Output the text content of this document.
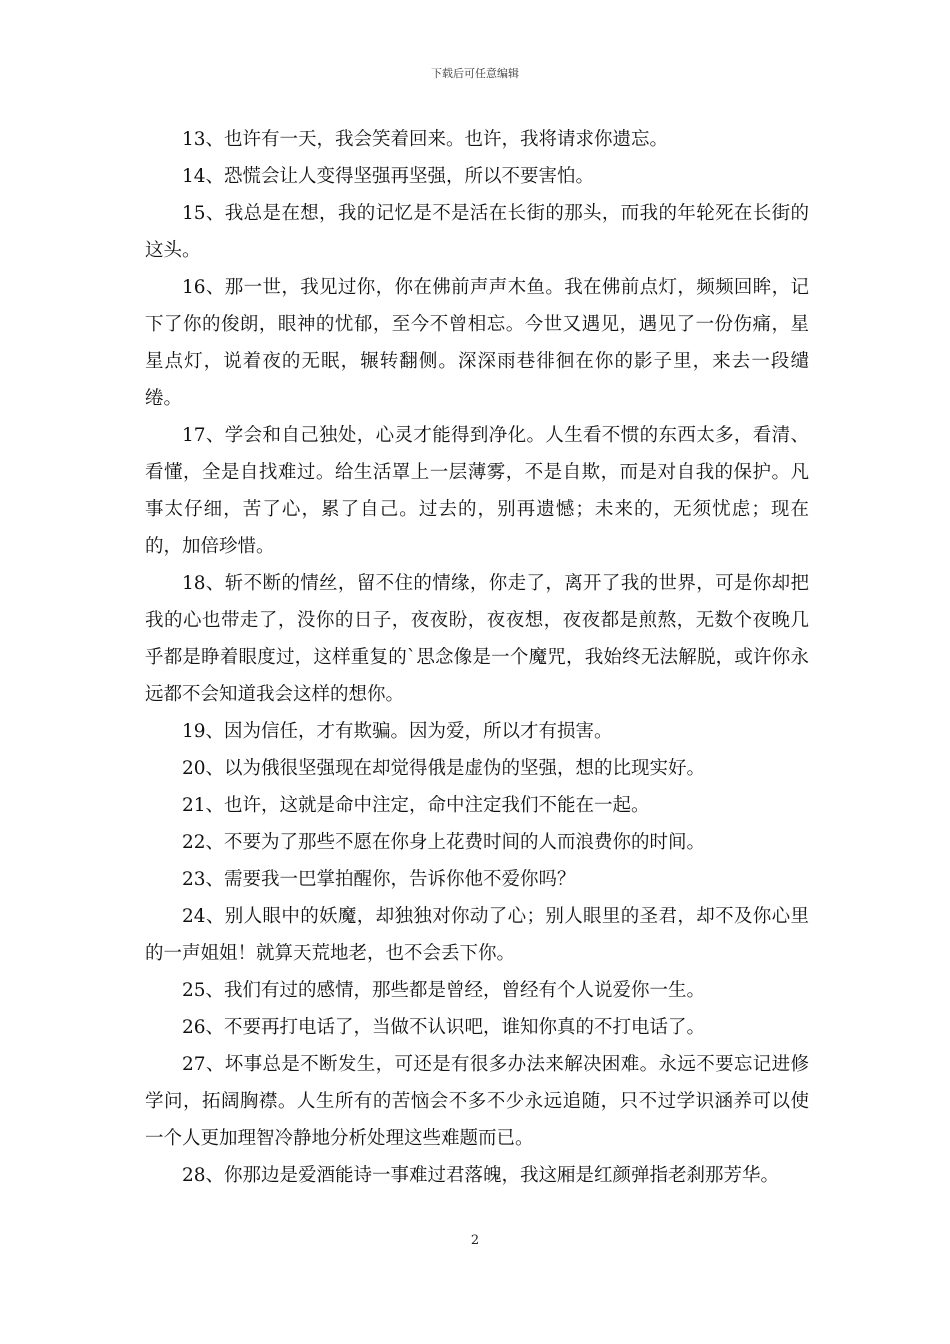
下载后可任意编辑

13、也许有一天，我会笑着回来。也许，我将请求你遗忘。

14、恐慌会让人变得坚强再坚强，所以不要害怕。

15、我总是在想，我的记忆是不是活在长街的那头，而我的年轮死在长街的这头。

16、那一世，我见过你，你在佛前声声木鱼。我在佛前点灯，频频回眸，记下了你的俊朗，眼神的忧郁，至今不曾相忘。今世又遇见，遇见了一份伤痛，星星点灯，说着夜的无眠，辗转翻侧。深深雨巷徘徊在你的影子里，来去一段缱绻。

17、学会和自己独处，心灵才能得到净化。人生看不惯的东西太多，看清、看懂，全是自找难过。给生活罩上一层薄雾，不是自欺，而是对自我的保护。凡事太仔细，苦了心，累了自己。过去的，别再遗憾；未来的，无须忧虑；现在的，加倍珍惜。

18、斩不断的情丝，留不住的情缘，你走了，离开了我的世界，可是你却把我的心也带走了，没你的日子，夜夜盼，夜夜想，夜夜都是煎熬，无数个夜晚几乎都是睁着眼度过，这样重复的`思念像是一个魔咒，我始终无法解脱，或许你永远都不会知道我会这样的想你。

19、因为信任，才有欺骗。因为爱，所以才有损害。

20、以为俄很坚强现在却觉得俄是虚伪的坚强，想的比现实好。

21、也许，这就是命中注定，命中注定我们不能在一起。

22、不要为了那些不愿在你身上花费时间的人而浪费你的时间。

23、需要我一巴掌拍醒你，告诉你他不爱你吗？

24、别人眼中的妖魔，却独独对你动了心；别人眼里的圣君，却不及你心里的一声姐姐！就算天荒地老，也不会丢下你。

25、我们有过的感情，那些都是曾经，曾经有个人说爱你一生。

26、不要再打电话了，当做不认识吧，谁知你真的不打电话了。

27、坏事总是不断发生，可还是有很多办法来解决困难。永远不要忘记进修学问，拓阔胸襟。人生所有的苦恼会不多不少永远追随，只不过学识涵养可以使一个人更加理智冷静地分析处理这些难题而已。

28、你那边是爱酒能诗一事难过君落魄，我这厢是红颜弹指老刹那芳华。

2
